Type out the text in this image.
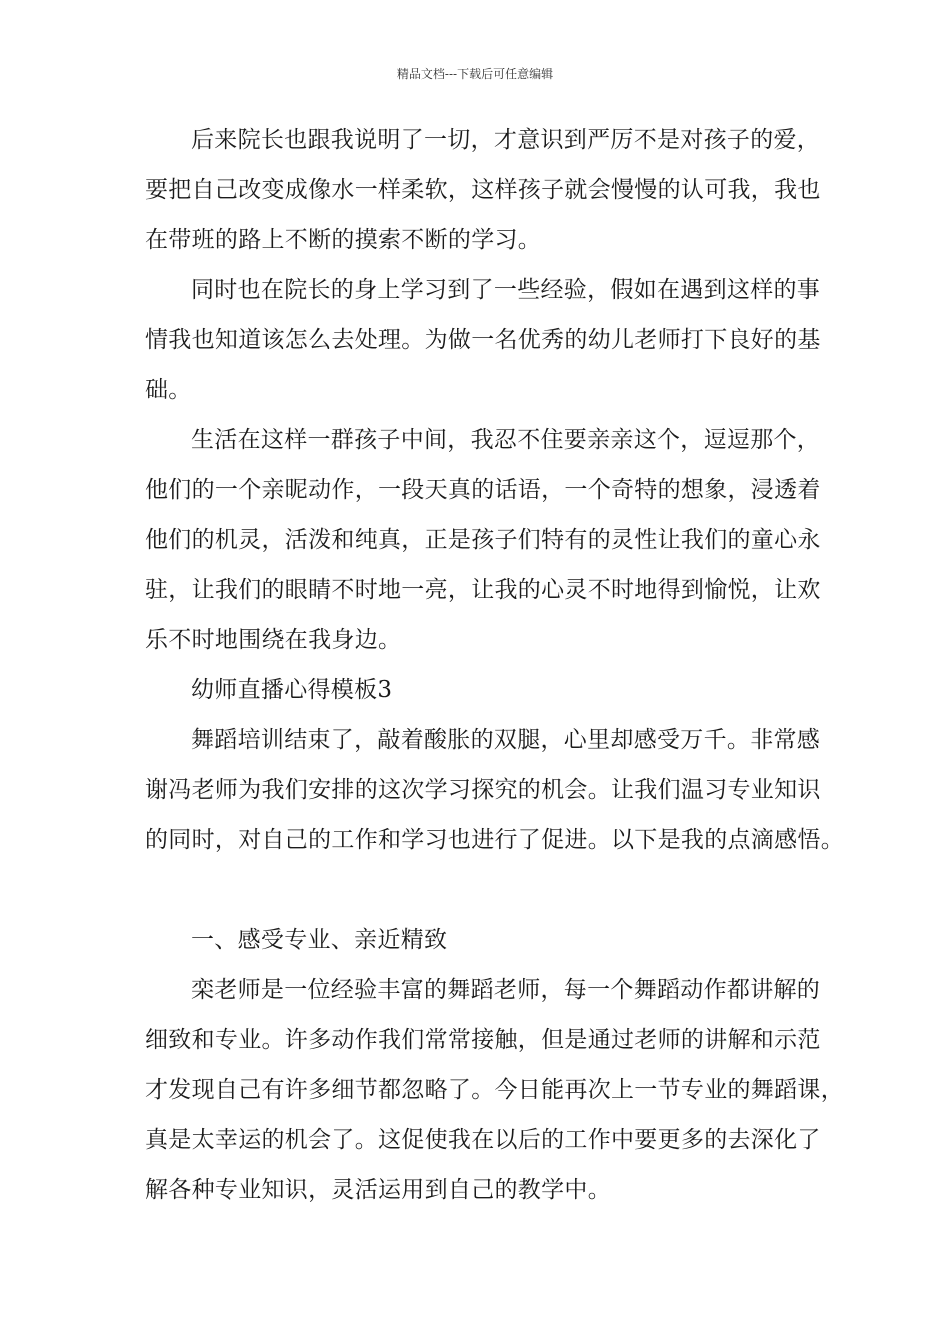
精品文档---下载后可任意编辑
后来院长也跟我说明了一切，才意识到严厉不是对孩子的爱，
要把自己改变成像水一样柔软，这样孩子就会慢慢的认可我，我也
在带班的路上不断的摸索不断的学习。
同时也在院长的身上学习到了一些经验，假如在遇到这样的事
情我也知道该怎么去处理。为做一名优秀的幼儿老师打下良好的基
础。
生活在这样一群孩子中间，我忍不住要亲亲这个，逗逗那个，
他们的一个亲昵动作，一段天真的话语，一个奇特的想象，浸透着
他们的机灵，活泼和纯真，正是孩子们特有的灵性让我们的童心永
驻，让我们的眼睛不时地一亮，让我的心灵不时地得到愉悦，让欢
乐不时地围绕在我身边。
幼师直播心得模板3
舞蹈培训结束了，敲着酸胀的双腿，心里却感受万千。非常感
谢冯老师为我们安排的这次学习探究的机会。让我们温习专业知识
的同时，对自己的工作和学习也进行了促进。以下是我的点滴感悟。
一、感受专业、亲近精致
栾老师是一位经验丰富的舞蹈老师，每一个舞蹈动作都讲解的
细致和专业。许多动作我们常常接触，但是通过老师的讲解和示范
才发现自己有许多细节都忽略了。今日能再次上一节专业的舞蹈课，
真是太幸运的机会了。这促使我在以后的工作中要更多的去深化了
解各种专业知识，灵活运用到自己的教学中。
